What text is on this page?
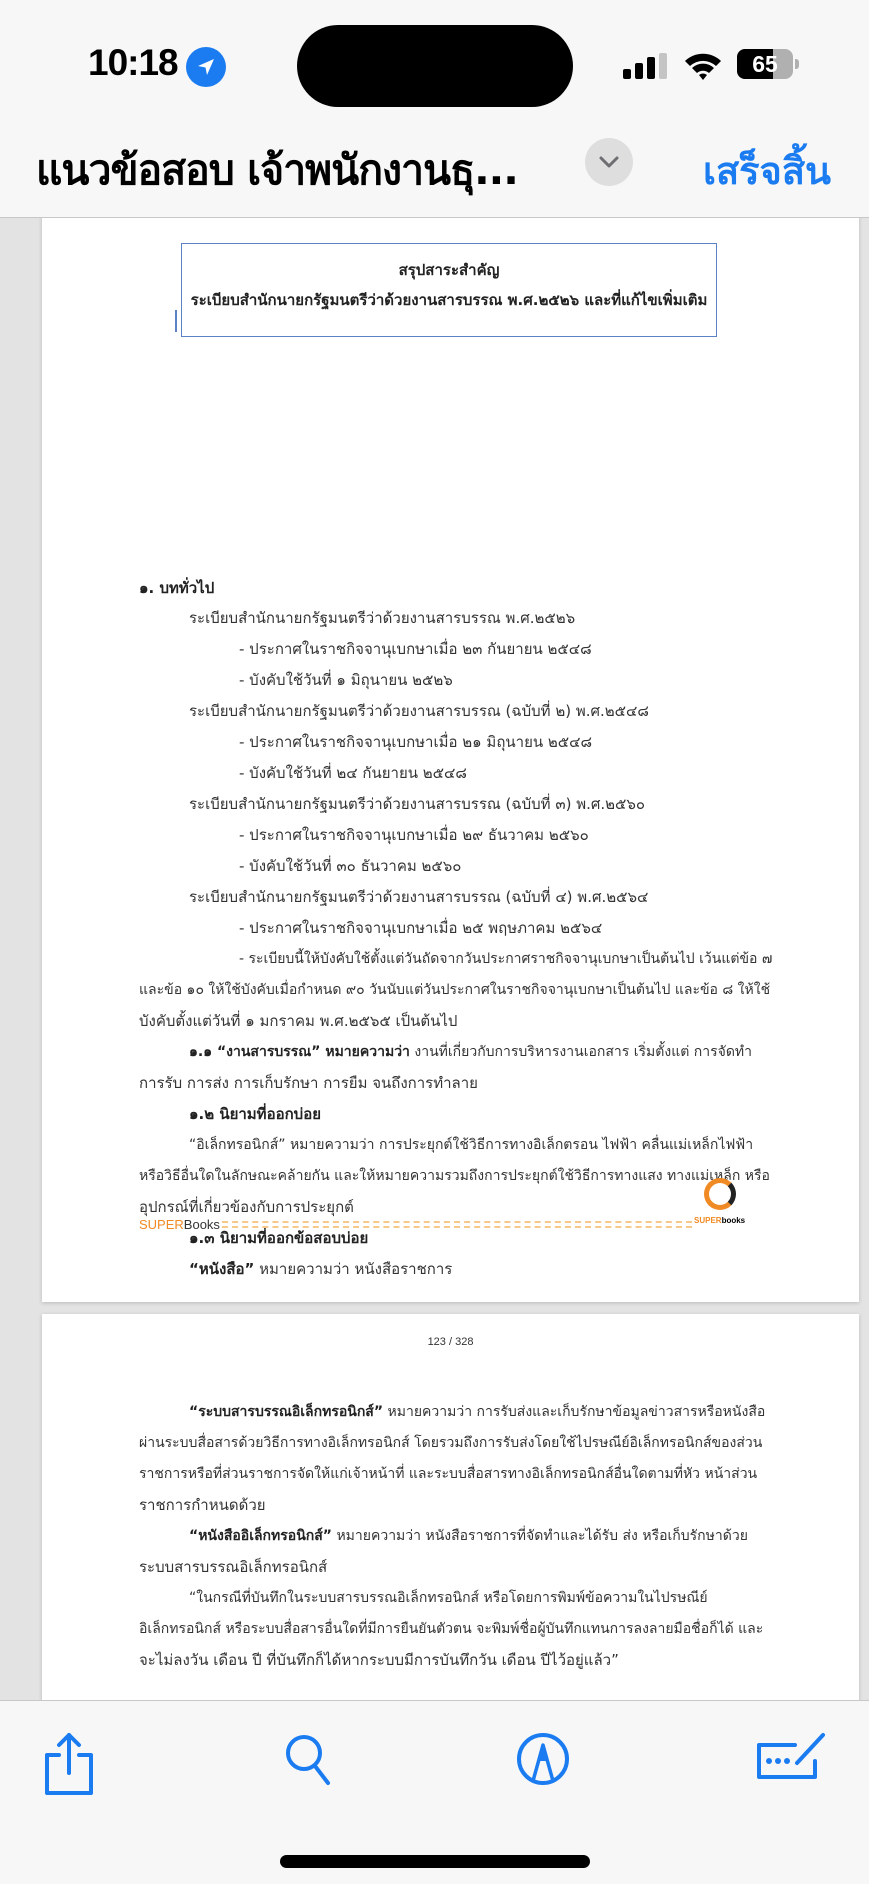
10:18	65
แนวข้อสอบ เจ้าพนักงานธุ...	เสร็จสิ้น
สรุปสาระสำคัญ
ระเบียบสำนักนายกรัฐมนตรีว่าด้วยงานสารบรรณ พ.ศ.๒๕๒๖ และที่แก้ไขเพิ่มเติม
๑. บททั่วไป
ระเบียบสำนักนายกรัฐมนตรีว่าด้วยงานสารบรรณ พ.ศ.๒๕๒๖
- ประกาศในราชกิจจานุเบกษาเมื่อ ๒๓ กันยายน ๒๕๔๘
- บังคับใช้วันที่ ๑ มิถุนายน ๒๕๒๖
ระเบียบสำนักนายกรัฐมนตรีว่าด้วยงานสารบรรณ (ฉบับที่ ๒) พ.ศ.๒๕๔๘
- ประกาศในราชกิจจานุเบกษาเมื่อ ๒๑ มิถุนายน ๒๕๔๘
- บังคับใช้วันที่ ๒๔ กันยายน ๒๕๔๘
ระเบียบสำนักนายกรัฐมนตรีว่าด้วยงานสารบรรณ (ฉบับที่ ๓) พ.ศ.๒๕๖๐
- ประกาศในราชกิจจานุเบกษาเมื่อ ๒๙ ธันวาคม ๒๕๖๐
- บังคับใช้วันที่ ๓๐ ธันวาคม ๒๕๖๐
ระเบียบสำนักนายกรัฐมนตรีว่าด้วยงานสารบรรณ (ฉบับที่ ๔) พ.ศ.๒๕๖๔
- ประกาศในราชกิจจานุเบกษาเมื่อ ๒๕ พฤษภาคม ๒๕๖๔
- ระเบียบนี้ให้บังคับใช้ตั้งแต่วันถัดจากวันประกาศราชกิจจานุเบกษาเป็นต้นไป เว้นแต่ข้อ ๗
และข้อ ๑๐ ให้ใช้บังคับเมื่อกำหนด ๙๐ วันนับแต่วันประกาศในราชกิจจานุเบกษาเป็นต้นไป และข้อ ๘ ให้ใช้
บังคับตั้งแต่วันที่ ๑ มกราคม พ.ศ.๒๕๖๕ เป็นต้นไป
๑.๑ “งานสารบรรณ” หมายความว่า งานที่เกี่ยวกับการบริหารงานเอกสาร เริ่มตั้งแต่ การจัดทำ
การรับ การส่ง การเก็บรักษา การยืม จนถึงการทำลาย
๑.๒ นิยามที่ออกบ่อย
“อิเล็กทรอนิกส์” หมายความว่า การประยุกต์ใช้วิธีการทางอิเล็กตรอน ไฟฟ้า คลื่นแม่เหล็กไฟฟ้า
หรือวิธีอื่นใดในลักษณะคล้ายกัน และให้หมายความรวมถึงการประยุกต์ใช้วิธีการทางแสง ทางแม่เหล็ก หรือ
อุปกรณ์ที่เกี่ยวข้องกับการประยุกต์
๑.๓ นิยามที่ออกข้อสอบบ่อย
“หนังสือ” หมายความว่า หนังสือราชการ
SUPERBooks	SUPERbooks
123 / 328
“ระบบสารบรรณอิเล็กทรอนิกส์” หมายความว่า การรับส่งและเก็บรักษาข้อมูลข่าวสารหรือหนังสือ
ผ่านระบบสื่อสารด้วยวิธีการทางอิเล็กทรอนิกส์ โดยรวมถึงการรับส่งโดยใช้ไปรษณีย์อิเล็กทรอนิกส์ของส่วน
ราชการหรือที่ส่วนราชการจัดให้แก่เจ้าหน้าที่ และระบบสื่อสารทางอิเล็กทรอนิกส์อื่นใดตามที่หัว หน้าส่วน
ราชการกำหนดด้วย
“หนังสืออิเล็กทรอนิกส์” หมายความว่า หนังสือราชการที่จัดทำและได้รับ ส่ง หรือเก็บรักษาด้วย
ระบบสารบรรณอิเล็กทรอนิกส์
“ในกรณีที่บันทึกในระบบสารบรรณอิเล็กทรอนิกส์ หรือโดยการพิมพ์ข้อความในไปรษณีย์
อิเล็กทรอนิกส์ หรือระบบสื่อสารอื่นใดที่มีการยืนยันตัวตน จะพิมพ์ชื่อผู้บันทึกแทนการลงลายมือชื่อก็ได้ และ
จะไม่ลงวัน เดือน ปี ที่บันทึกก็ได้หากระบบมีการบันทึกวัน เดือน ปีไว้อยู่แล้ว”
